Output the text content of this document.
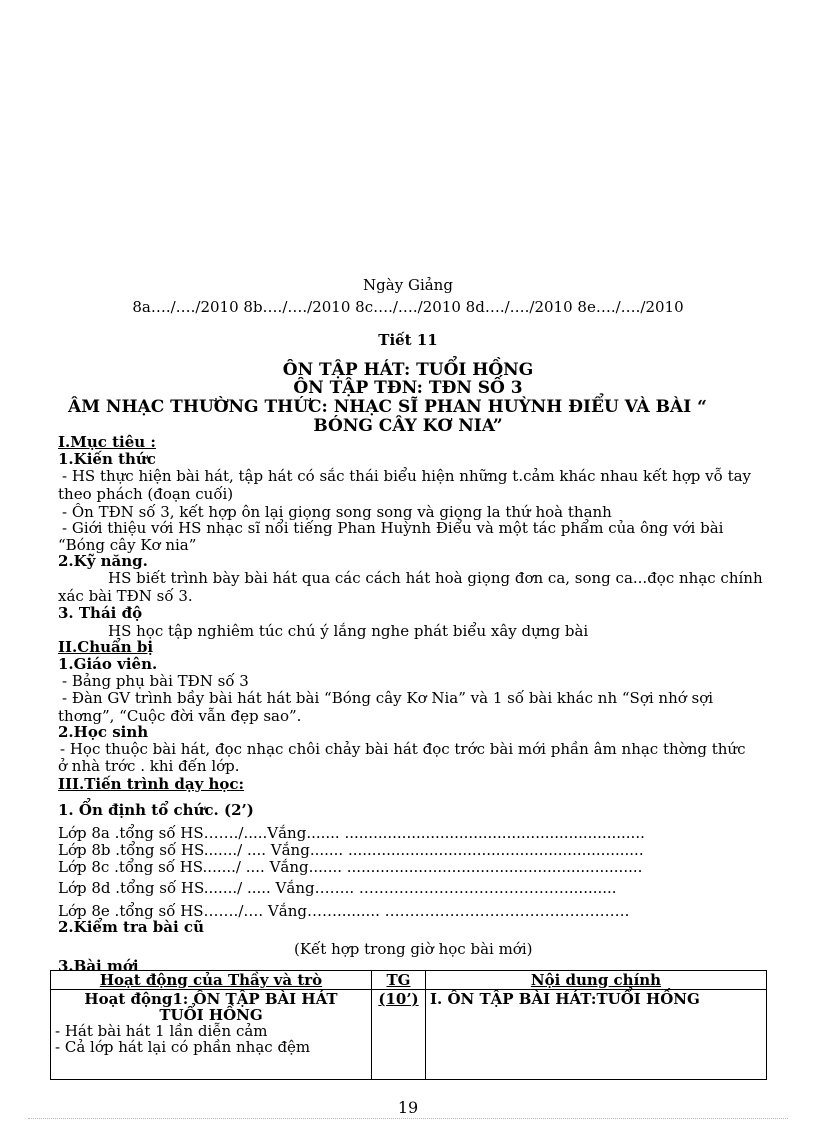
Ngày Giảng
8a…./…./2010 8b…./…./2010 8c…./…./2010 8d…./…./2010 8e…./…./2010
Tiết 11
ÔN TẬP HÁT: TUỔI HỒNG
ÔN TẬP TĐN: TĐN SỐ 3
ÂM NHẠC THƯỜNG THỨC: NHẠC SĨ PHAN HUỲNH ĐIỂU VÀ BÀI “
BÓNG CÂY KƠ NIA”
I.Mục tiêu :
1.Kiến thức
- HS thực hiện bài hát, tập hát có sắc thái biểu hiện những t.cảm khác nhau kết hợp vỗ tay
theo phách (đoạn cuối)
- Ôn TĐN số 3, kết hợp ôn lại giọng song song và giọng la thứ hoà thanh
- Giới thiệu với HS nhạc sĩ nổi tiếng Phan Huỳnh Điểu và một tác phẩm của ông với bài
“Bóng cây Kơ nia”
2.Kỹ năng.
HS biết trình bày bài hát qua các cách hát hoà giọng đơn ca, song ca...đọc nhạc chính
xác bài TĐN số 3.
3. Thái độ
HS học tập nghiêm túc chú ý lắng nghe phát biểu xây dựng bài
II.Chuẩn bị
1.Giáo viên.
- Bảng phụ bài TĐN số 3
- Đàn GV trình bầy bài hát hát bài “Bóng cây Kơ Nia” và 1 số bài khác nh “Sợi nhớ sợi
thơng”, “Cuộc đời vẫn đẹp sao”.
2.Học sinh
- Học thuộc bài hát, đọc nhạc chôi chảy bài hát đọc trớc bài mới phần âm nhạc thờng thức
ở nhà trớc . khi đến lớp.
III.Tiến trình dạy học:
1. Ổn định tổ chức. (2’)
Lớp 8a .tổng số HS……./.....Vắng....... ...............................................................
Lớp 8b .tổng số HS......./ .... Vắng....... ..............................................................
Lớp 8c .tổng số HS......./ .... Vắng....... ..............................................................
Lớp 8d .tổng số HS......./ ..... Vắng…….. ……………………………………..........
Lớp 8e .tổng số HS……./…. Vắng……......... ………………………………………….
2.Kiểm tra bài cũ
(Kết hợp trong giờ học bài mới)
3.Bài mới
Hoạt động của Thầy và trò	TG	Nội dung chính

Hoạt động1: ÔN TẬP BÀI HÁT
TUỔI HỒNG
- Hát bài hát 1 lần diễn cảm
- Cả lớp hát lại có phần nhạc đệm	(10’)	I. ÔN TẬP BÀI HÁT:TUỔI HỒNG
19
